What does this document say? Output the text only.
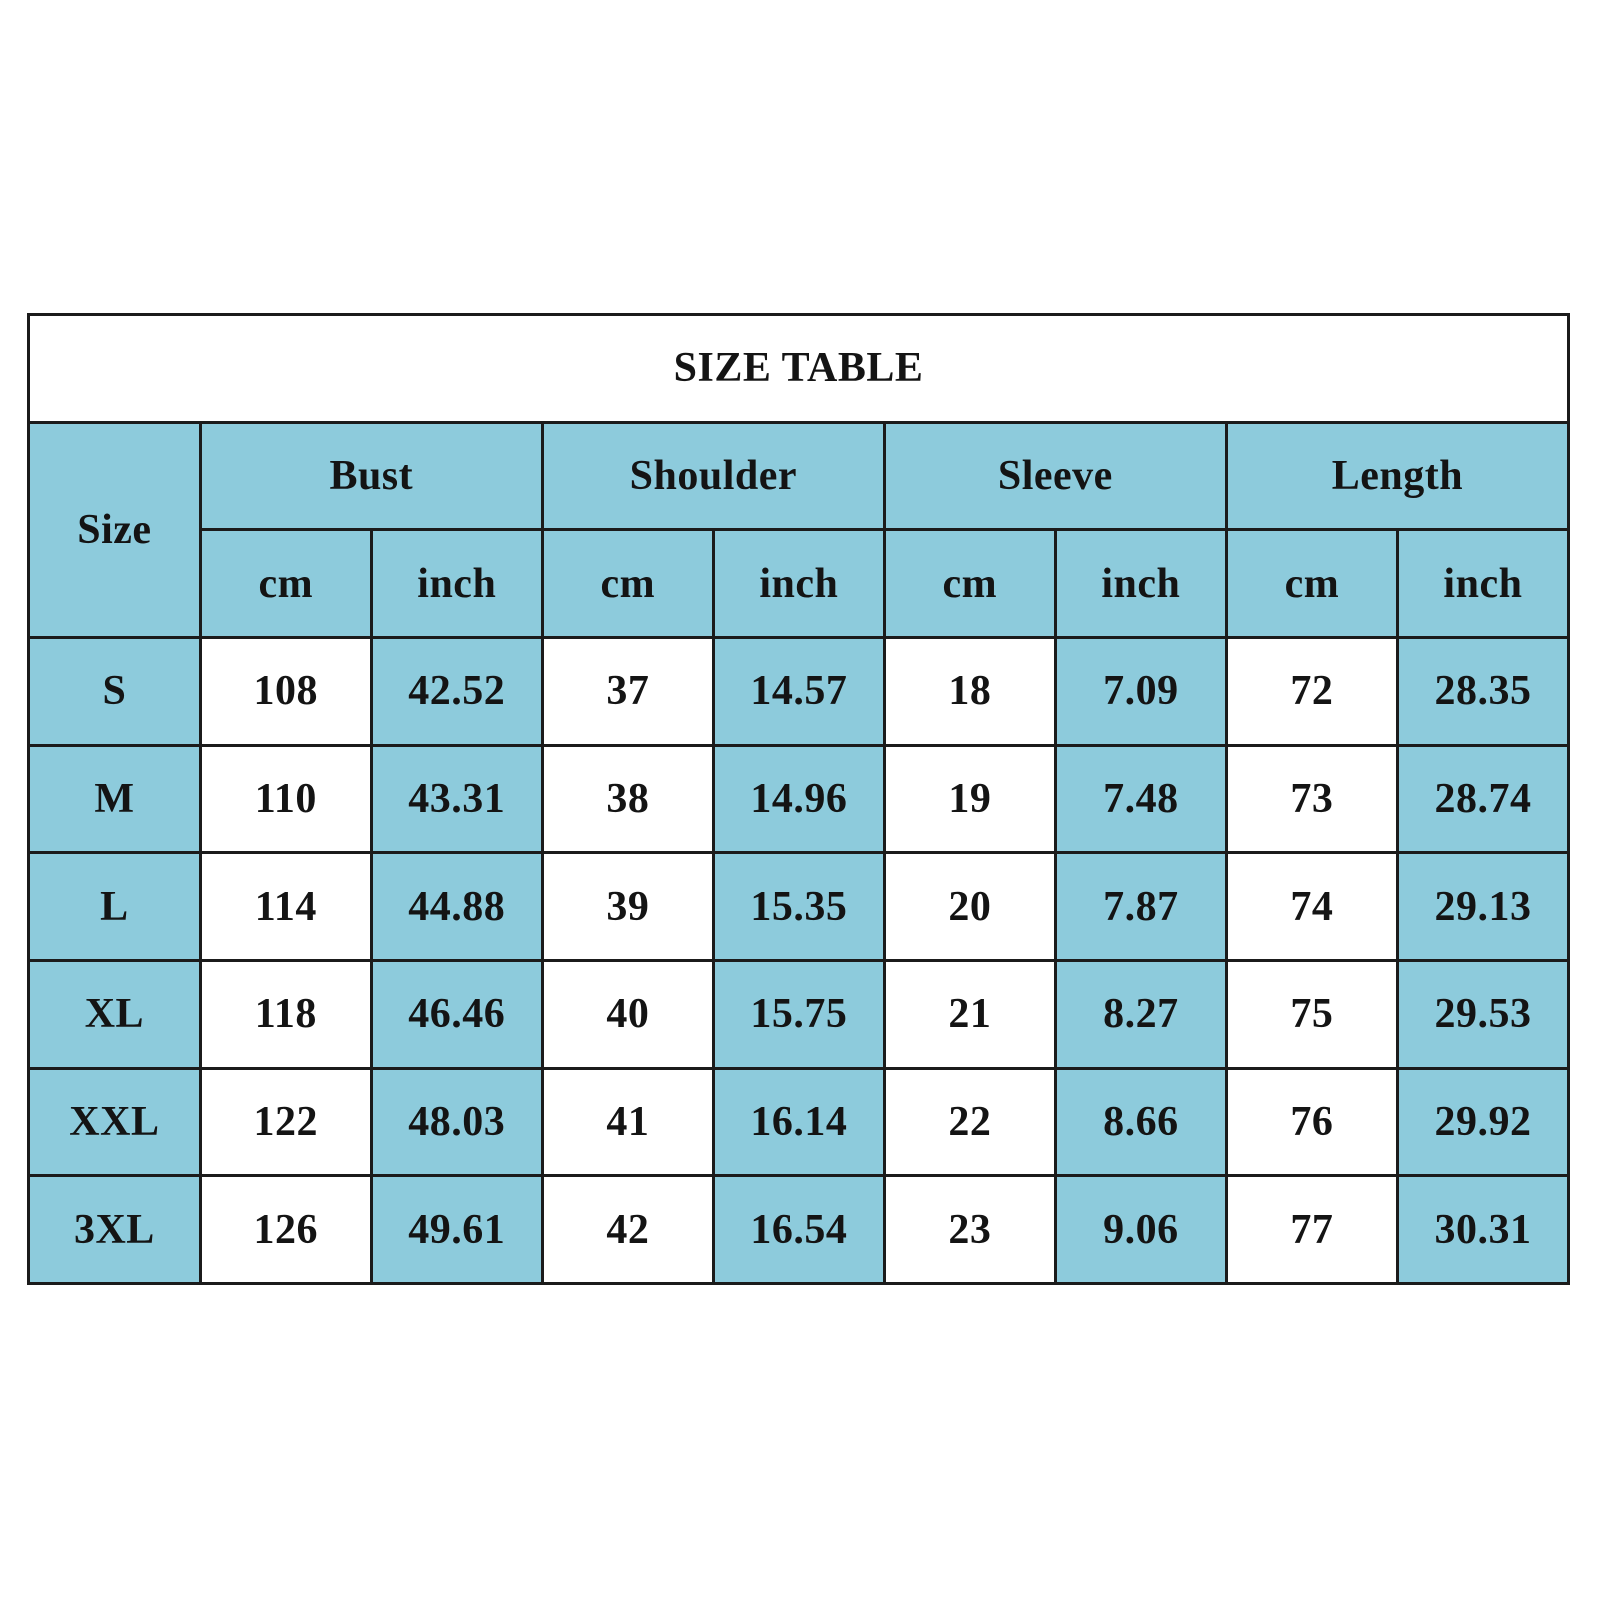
SIZE TABLE								
Size	Bust		Shoulder		Sleeve		Length	
	cm	inch	cm	inch	cm	inch	cm	inch
S	108	42.52	37	14.57	18	7.09	72	28.35
M	110	43.31	38	14.96	19	7.48	73	28.74
L	114	44.88	39	15.35	20	7.87	74	29.13
XL	118	46.46	40	15.75	21	8.27	75	29.53
XXL	122	48.03	41	16.14	22	8.66	76	29.92
3XL	126	49.61	42	16.54	23	9.06	77	30.31
